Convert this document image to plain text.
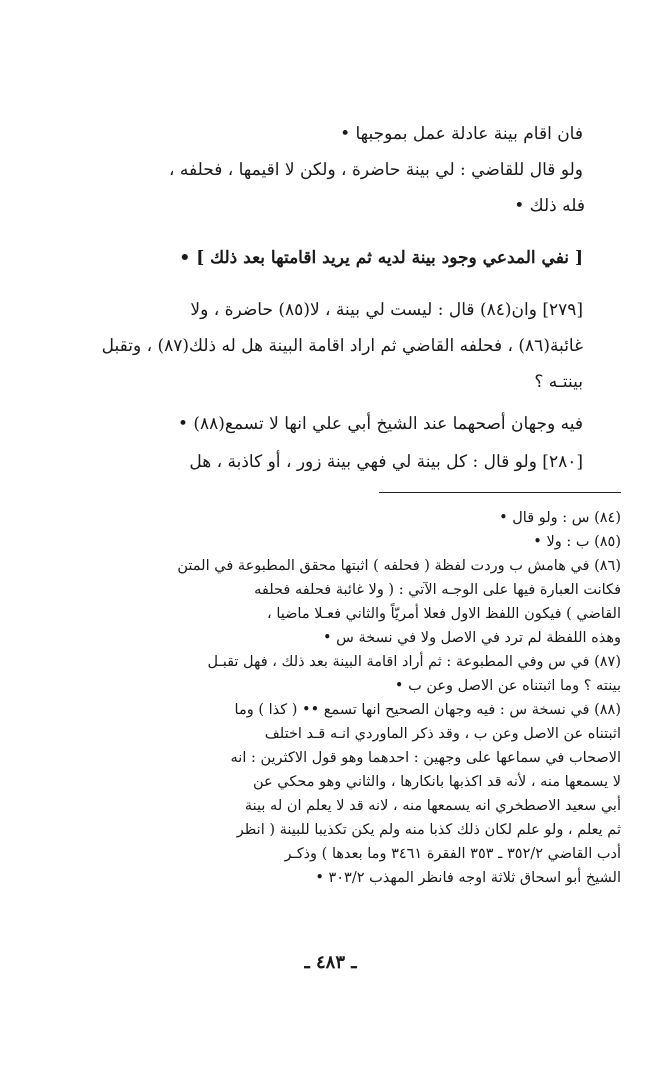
فان اقام بينة عادلة عمل بموجبها •
ولو قال للقاضي : لي بينة حاضرة ، ولكن لا اقيمها ، فحلفه ،
فله ذلك •
[ نفي المدعي وجود بينة لديه ثم يريد اقامتها بعد ذلك ] •
[٢٧٩] وان(٨٤) قال : ليست لي بينة ، لا(٨٥) حاضرة ، ولا
غائبة(٨٦) ، فحلفه القاضي ثم اراد اقامة البينة هل له ذلك(٨٧) ، وتقبل
بينتـه ؟
فيه وجهان أصحهما عند الشيخ أبي علي انها لا تسمع(٨٨) •
[٢٨٠] ولو قال : كل بينة لي فهي بينة زور ، أو كاذبة ، هل
(٨٤) س : ولو قال •
(٨٥) ب : ولا •
(٨٦) في هامش ب وردت لفظة ( فحلفه ) اثبتها محقق المطبوعة في المتن
فكانت العبارة فيها على الوجـه الآتي : ( ولا غائبة فحلفه فحلفه
القاضي ) فيكون اللفظ الاول فعلا أمريّاً والثاني فعـلا ماضيا ،
وهذه اللفظة لم ترد في الاصل ولا في نسخة س •
(٨٧) في س وفي المطبوعة : ثم أراد اقامة البينة بعد ذلك ، فهل تقبـل
بينته ؟ وما اثبتناه عن الاصل وعن ب •
(٨٨) في نسخة س : فيه وجهان الصحيح انها تسمع •• ( كذا ) وما
اثبتناه عن الاصل وعن ب ، وقد ذكر الماوردي انـه قـد اختلف
الاصحاب في سماعها على وجهين : احدهما وهو قول الاكثرين : انه
لا يسمعها منه ، لأنه قد اكذبها بانكارها ، والثاني وهو محكي عن
أبي سعيد الاصطخري انه يسمعها منه ، لانه قد لا يعلم ان له بينة
ثم يعلم ، ولو علم لكان ذلك كذبا منه ولم يكن تكذيبا للبينة ( انظر
أدب القاضي ٣٥٢/٢ ـ ٣٥٣ الفقرة ٣٤٦١ وما بعدها ) وذكـر
الشيخ أبو اسحاق ثلاثة اوجه فانظر المهذب ٣٠٣/٢ •
ـ ٤٨٣ ـ
